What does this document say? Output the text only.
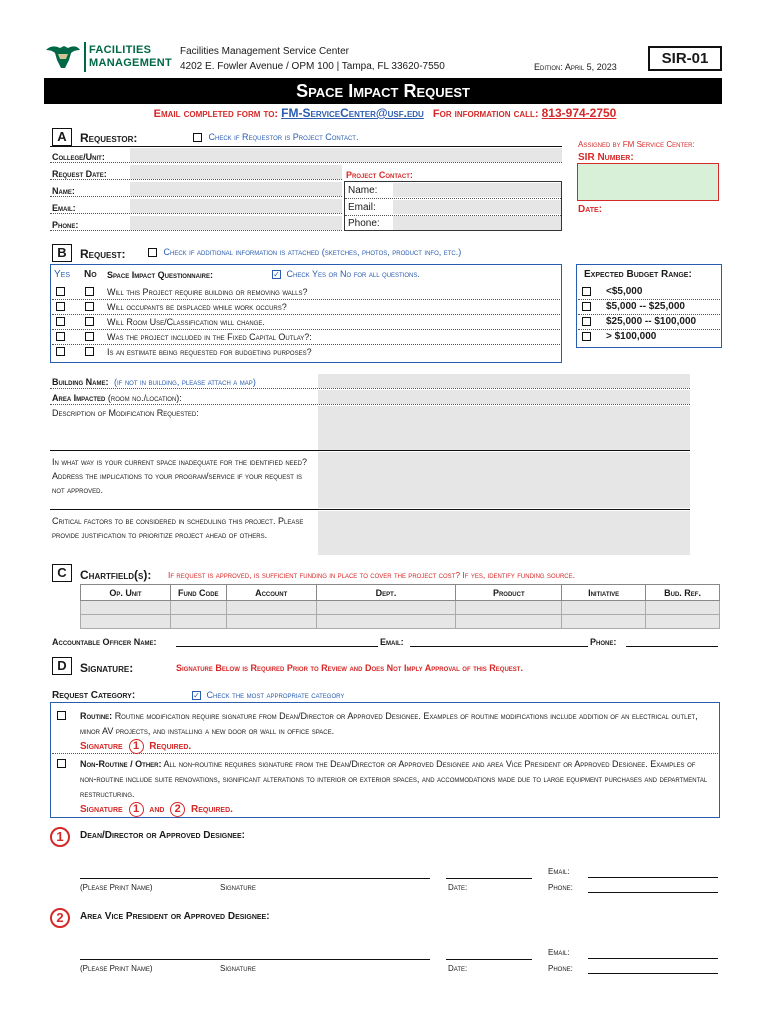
FACILITIES
MANAGEMENT
Facilities Management Service Center
4202 E. Fowler Avenue / OPM 100 | Tampa, FL 33620-7550	Edition: April 5, 2023	SIR-01
Space Impact Request
Email completed form to: FM-ServiceCenter@usf.edu For information call: 813-974-2750
A	Requestor:	Check if Requestor is Project Contact.
Assigned by FM Service Center:
SIR Number:
Date:
College/Unit:
Request Date:
Name:
Email:
Phone:
Project Contact:
Name:
Email:
Phone:
B	Request:	Check if additional information is attached (sketches, photos, product info, etc.)
Yes No Space Impact Questionnaire:	✓ Check Yes or No for all questions.
Will this Project require building or removing walls?
Will occupants be displaced while work occurs?
Will Room Use/Classification will change.
Was the project included in the Fixed Capital Outlay?:
Is an estimate being requested for budgeting purposes?
Expected Budget Range:
<$5,000
$5,000 -- $25,000
$25,000 -- $100,000
> $100,000
Building Name: (if not in building, please attach a map)
Area Impacted (room no./location):
Description of Modification Requested:
In what way is your current space inadequate for the identified need? Address the implications to your program/service if your request is not approved.
Critical factors to be considered in scheduling this project. Please provide justification to prioritize project ahead of others.
C	Chartfield(s): If request is approved, is sufficient funding in place to cover the project cost? If yes, identify funding source.
Op. Unit	Fund Code	Account	Dept.	Product	Initiative	Bud. Ref.

Accountable Officer Name:	Email:	Phone:
D	Signature:	Signature Below is Required Prior to Review and Does Not Imply Approval of this Request.
Request Category:	✓ Check the most appropriate category
Routine: Routine modification require signature from Dean/Director or Approved Designee. Examples of routine modifications include addition of an electrical outlet, minor AV projects, and installing a new door or wall in office space.
Signature 1 Required.
Non-Routine / Other: All non-routine requires signature from the Dean/Director or Approved Designee and area Vice President or Approved Designee. Examples of non-routine include suite renovations, significant alterations to interior or exterior spaces, and accommodations made due to large equipment purchases and departmental restructuring.
Signature 1 and 2 Required.
1	Dean/Director or Approved Designee:
(Please Print Name)	Signature	Date:
Email:
Phone:
2	Area Vice President or Approved Designee:
(Please Print Name)	Signature	Date:
Email:
Phone:
